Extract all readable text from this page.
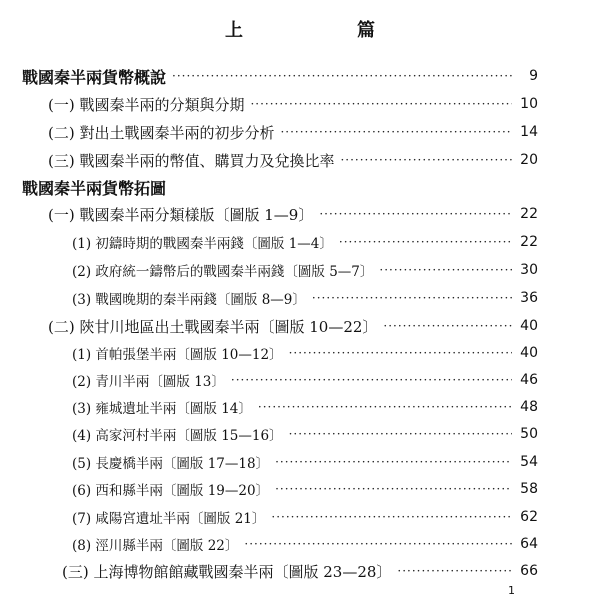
上　篇
戰國秦半兩貨幣概說 ·····	9
(一) 戰國秦半兩的分類與分期 ·····	10
(二) 對出土戰國秦半兩的初步分析 ·····	14
(三) 戰國秦半兩的幣值、購買力及兌換比率 ·····	20
戰國秦半兩貨幣拓圖
(一) 戰國秦半兩分類樣版〔圖版 1—9〕 ·····	22
(1) 初鑄時期的戰國秦半兩錢〔圖版 1—4〕 ·····	22
(2) 政府統一鑄幣后的戰國秦半兩錢〔圖版 5—7〕 ·····	30
(3) 戰國晚期的秦半兩錢〔圖版 8—9〕 ·····	36
(二) 陝甘川地區出土戰國秦半兩〔圖版 10—22〕 ·····	40
(1) 首帕張堡半兩〔圖版 10—12〕 ·····	40
(2) 青川半兩〔圖版 13〕 ·····	46
(3) 雍城遺址半兩〔圖版 14〕 ·····	48
(4) 高家河村半兩〔圖版 15—16〕 ·····	50
(5) 長慶橋半兩〔圖版 17—18〕 ·····	54
(6) 西和縣半兩〔圖版 19—20〕 ·····	58
(7) 咸陽宮遺址半兩〔圖版 21〕 ·····	62
(8) 涇川縣半兩〔圖版 22〕 ·····	64
(三) 上海博物館館藏戰國秦半兩〔圖版 23—28〕 ·····	66
1
